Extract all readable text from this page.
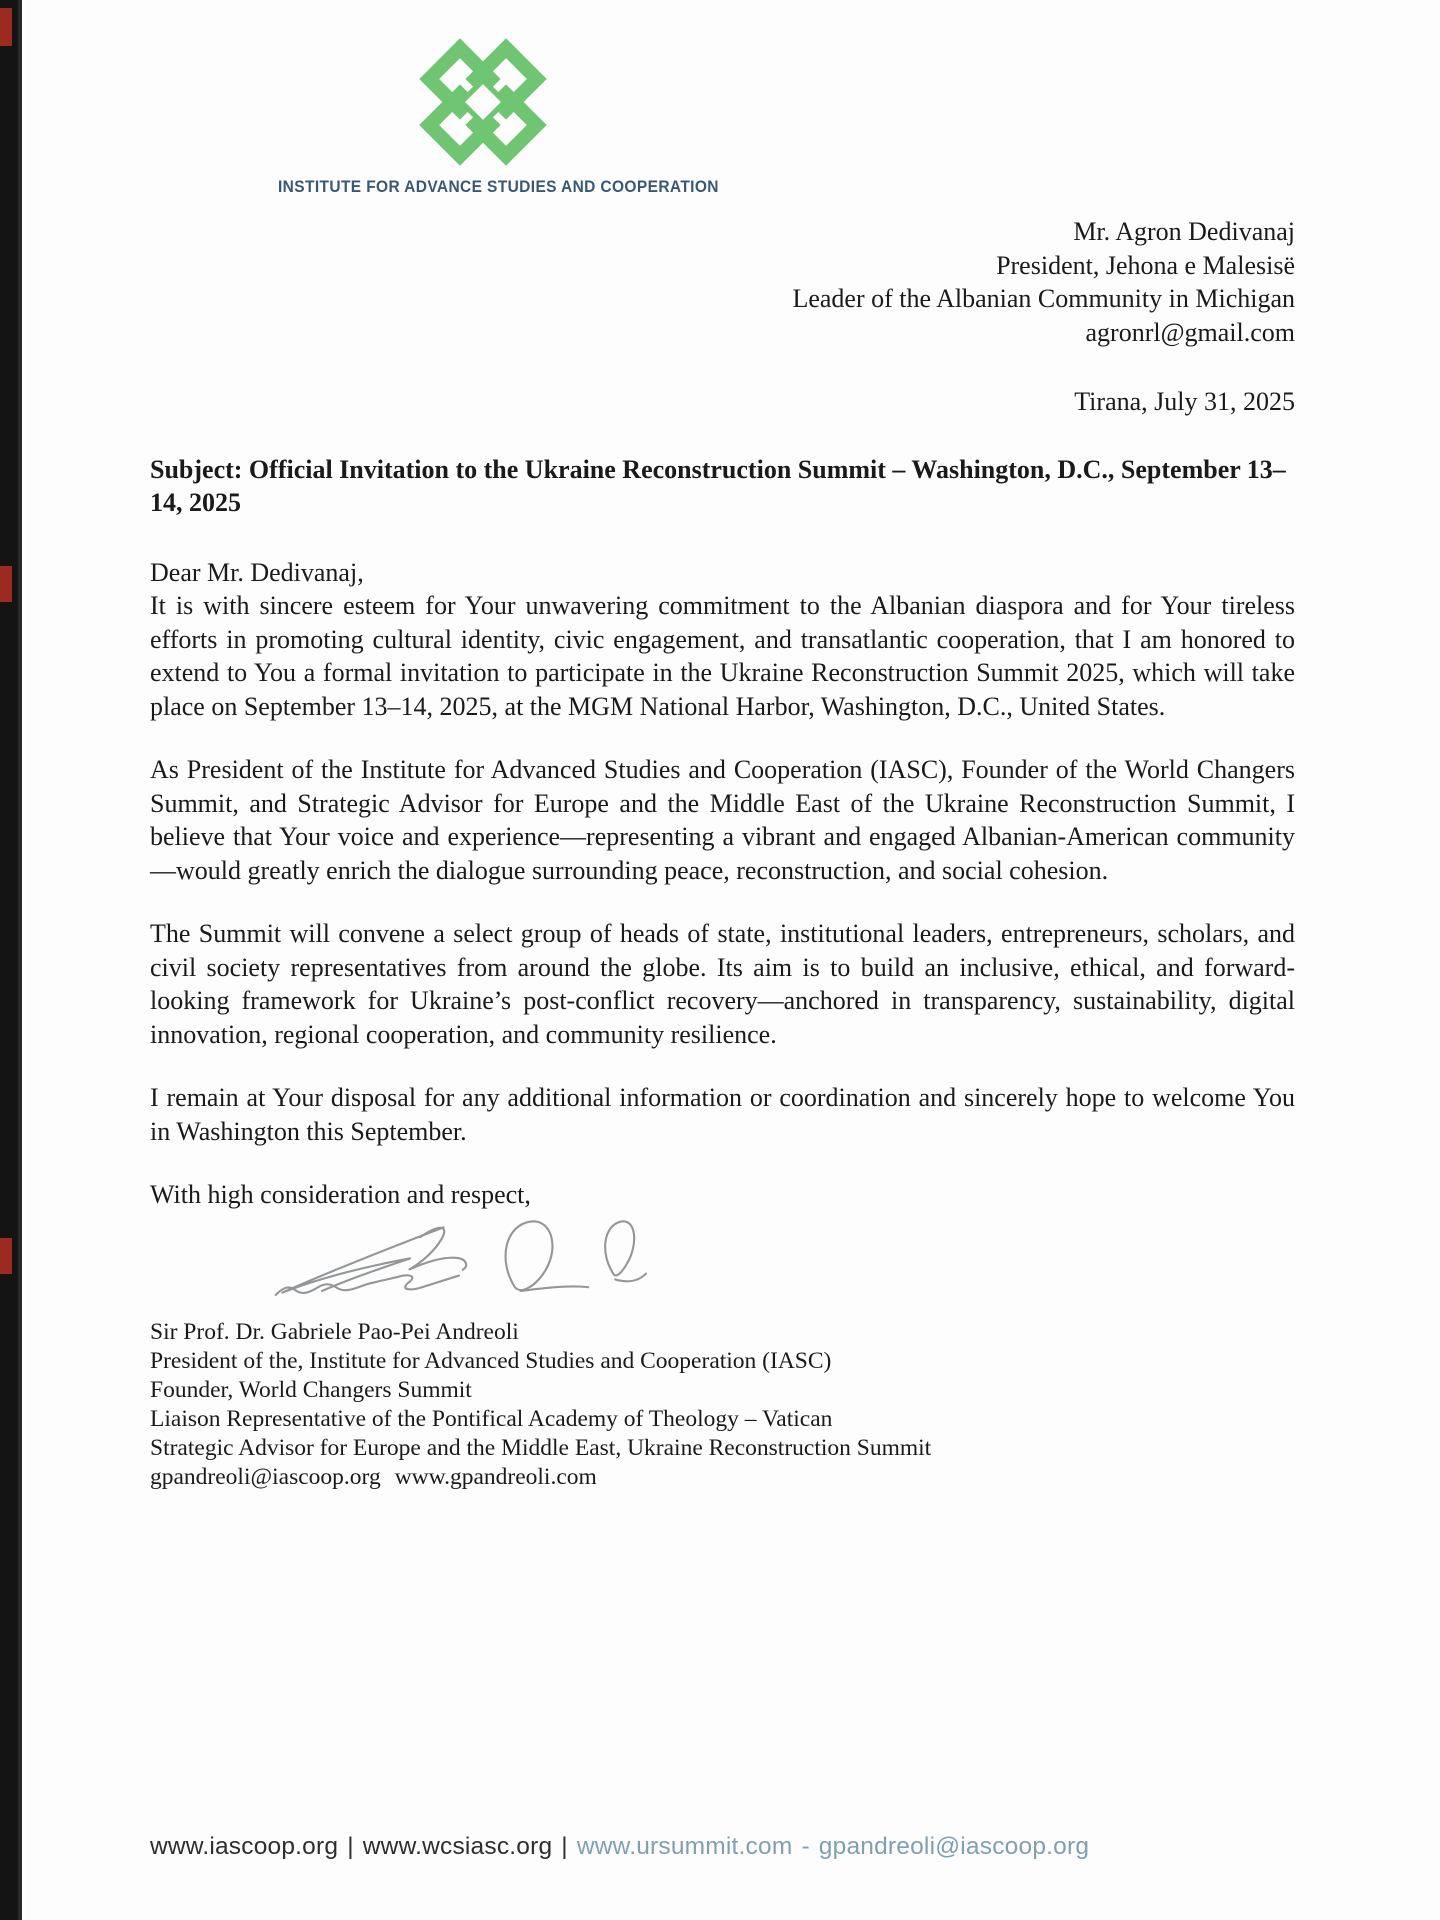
INSTITUTE FOR ADVANCE STUDIES AND COOPERATION
Mr. Agron Dedivanaj
President, Jehona e Malesisë
Leader of the Albanian Community in Michigan
agronrl@gmail.com
Tirana, July 31, 2025
Subject: Official Invitation to the Ukraine Reconstruction Summit – Washington, D.C., September 13–14, 2025
Dear Mr. Dedivanaj,
It is with sincere esteem for Your unwavering commitment to the Albanian diaspora and for Your tireless efforts in promoting cultural identity, civic engagement, and transatlantic cooperation, that I am honored to extend to You a formal invitation to participate in the Ukraine Reconstruction Summit 2025, which will take place on September 13–14, 2025, at the MGM National Harbor, Washington, D.C., United States.
As President of the Institute for Advanced Studies and Cooperation (IASC), Founder of the World Changers Summit, and Strategic Advisor for Europe and the Middle East of the Ukraine Reconstruction Summit, I believe that Your voice and experience—representing a vibrant and engaged Albanian-American community—would greatly enrich the dialogue surrounding peace, reconstruction, and social cohesion.
The Summit will convene a select group of heads of state, institutional leaders, entrepreneurs, scholars, and civil society representatives from around the globe. Its aim is to build an inclusive, ethical, and forward-looking framework for Ukraine’s post-conflict recovery—anchored in transparency, sustainability, digital innovation, regional cooperation, and community resilience.
I remain at Your disposal for any additional information or coordination and sincerely hope to welcome You in Washington this September.
With high consideration and respect,
Sir Prof. Dr. Gabriele Pao-Pei Andreoli
President of the, Institute for Advanced Studies and Cooperation (IASC)
Founder, World Changers Summit
Liaison Representative of the Pontifical Academy of Theology – Vatican
Strategic Advisor for Europe and the Middle East, Ukraine Reconstruction Summit
gpandreoli@iascoop.org www.gpandreoli.com
www.iascoop.org | www.wcsiasc.org | www.ursummit.com - gpandreoli@iascoop.org
